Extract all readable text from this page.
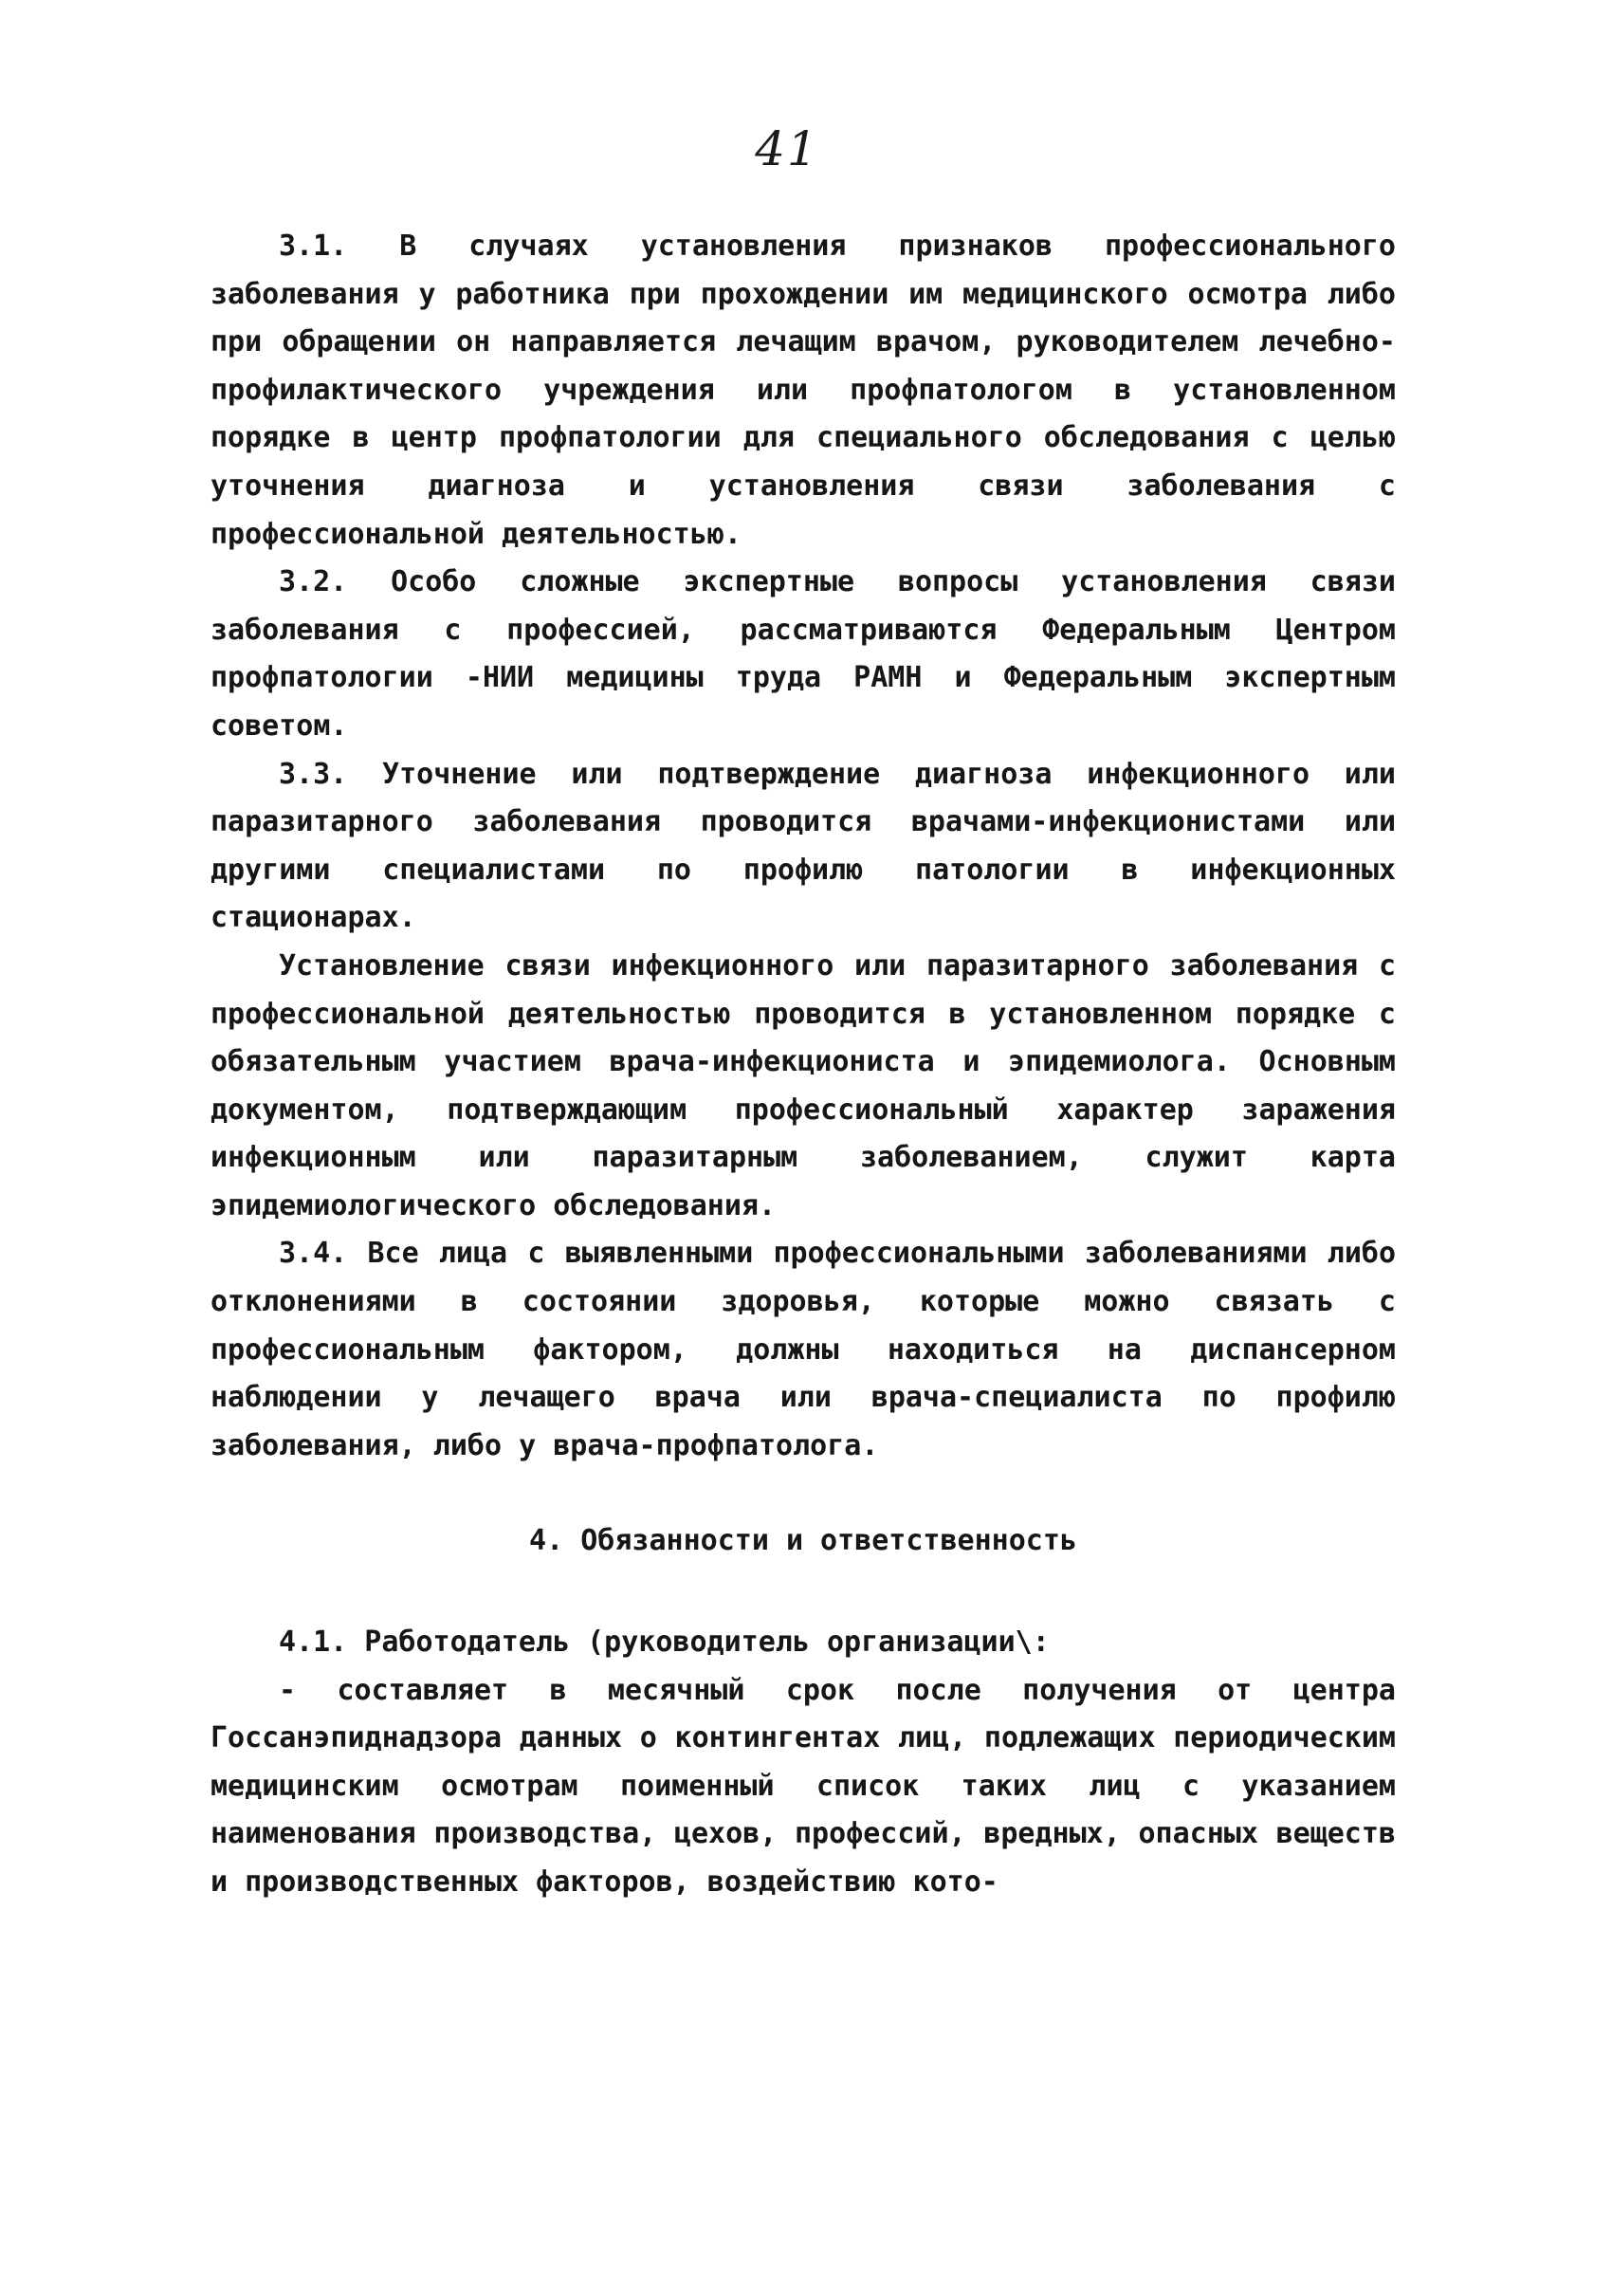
41

3.1. В случаях установления признаков профессионального заболевания у работника при прохождении им медицинского осмотра либо при обращении он направляется лечащим врачом, руководителем лечебно-профилактического учреждения или профпатологом в установленном порядке в центр профпатологии для специального обследования с целью уточнения диагноза и установления связи заболевания с профессиональной деятельностью.

3.2. Особо сложные экспертные вопросы установления связи заболевания с профессией, рассматриваются Федеральным Центром профпатологии -НИИ медицины труда РАМН и Федеральным экспертным советом.

3.3. Уточнение или подтверждение диагноза инфекционного или паразитарного заболевания проводится врачами-инфекционистами или другими специалистами по профилю патологии в инфекционных стационарах.

Установление связи инфекционного или паразитарного заболевания с профессиональной деятельностью проводится в установленном порядке с обязательным участием врача-инфекциониста и эпидемиолога. Основным документом, подтверждающим профессиональный характер заражения инфекционным или паразитарным заболеванием, служит карта эпидемиологического обследования.

3.4. Все лица с выявленными профессиональными заболеваниями либо отклонениями в состоянии здоровья, которые можно связать с профессиональным фактором, должны находиться на диспансерном наблюдении у лечащего врача или врача-специалиста по профилю заболевания, либо у врача-профпатолога.

4. Обязанности и ответственность

4.1. Работодатель (руководитель организации\:

- составляет в месячный срок после получения от центра Госсанэпиднадзора данных о контингентах лиц, подлежащих периодическим медицинским осмотрам поименный список таких лиц с указанием наименования производства, цехов, профессий, вредных, опасных веществ и производственных факторов, воздействию кото-
